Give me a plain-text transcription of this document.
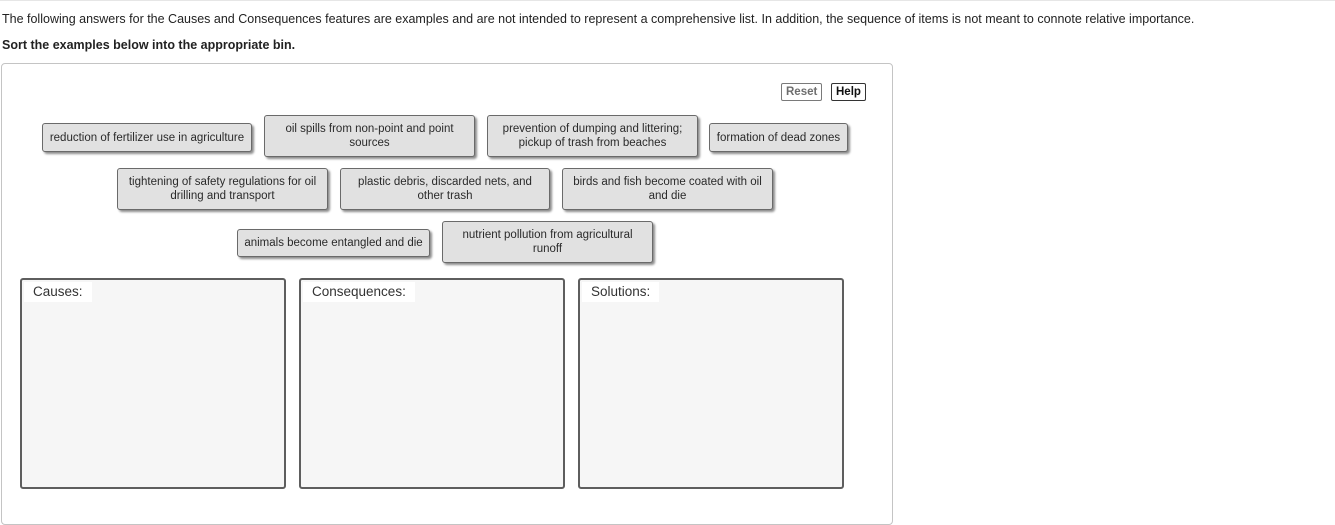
The following answers for the Causes and Consequences features are examples and are not intended to represent a comprehensive list. In addition, the sequence of items is not meant to connote relative importance.
Sort the examples below into the appropriate bin.
Reset	Help
reduction of fertilizer use in agriculture
oil spills from non-point and point sources
prevention of dumping and littering; pickup of trash from beaches	formation of dead zones
tightening of safety regulations for oil drilling and transport
plastic debris, discarded nets, and other trash
birds and fish become coated with oil and die
animals become entangled and die
nutrient pollution from agricultural runoff
Causes:	Consequences:	Solutions:
